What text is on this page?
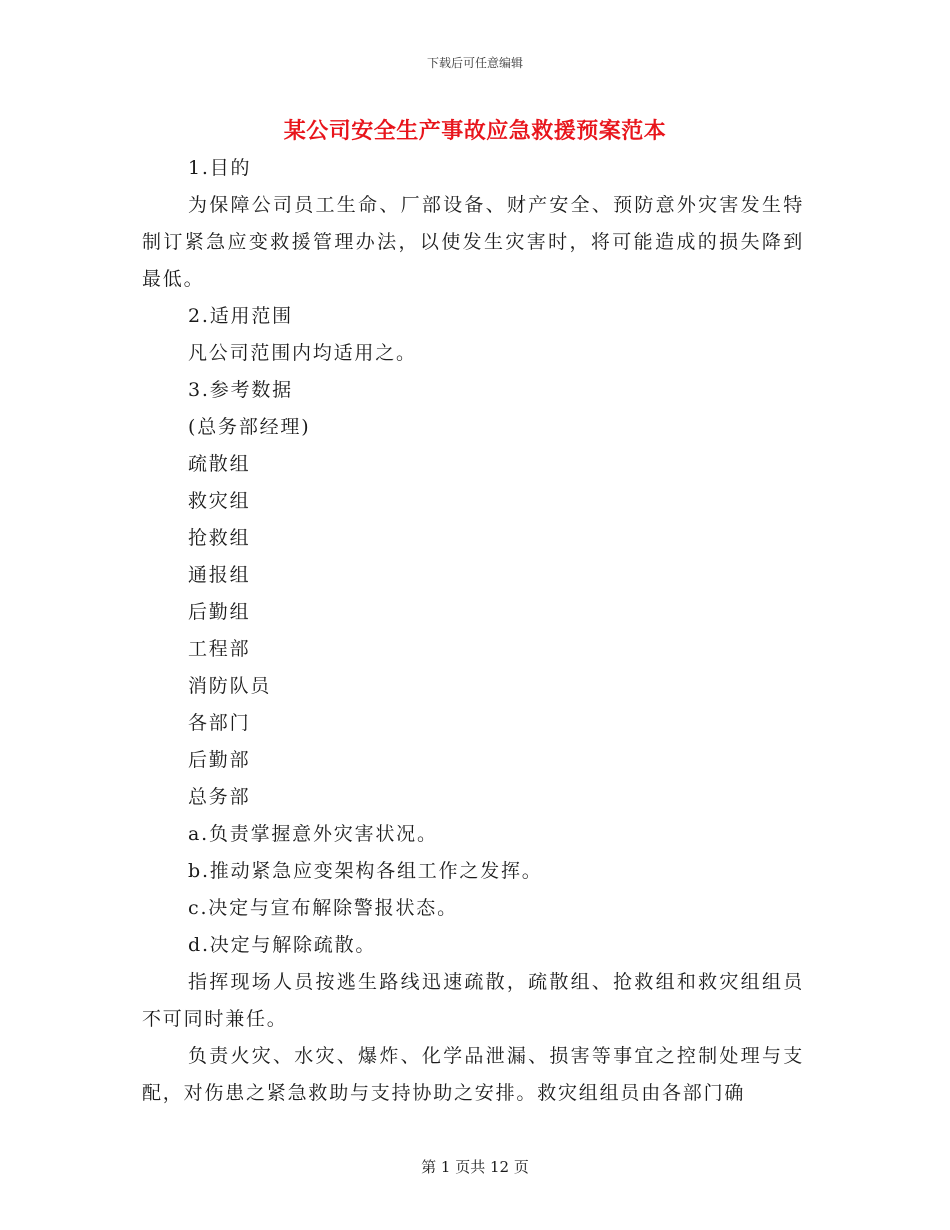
下载后可任意编辑
某公司安全生产事故应急救援预案范本

1.目的

为保障公司员工生命、厂部设备、财产安全、预防意外灾害发生特制订紧急应变救援管理办法，以使发生灾害时，将可能造成的损失降到最低。

2.适用范围

凡公司范围内均适用之。

3.参考数据

(总务部经理)

疏散组

救灾组

抢救组

通报组

后勤组

工程部

消防队员

各部门

后勤部

总务部

a.负责掌握意外灾害状况。

b.推动紧急应变架构各组工作之发挥。

c.决定与宣布解除警报状态。

d.决定与解除疏散。

指挥现场人员按逃生路线迅速疏散，疏散组、抢救组和救灾组组员不可同时兼任。

负责火灾、水灾、爆炸、化学品泄漏、损害等事宜之控制处理与支配，对伤患之紧急救助与支持协助之安排。救灾组组员由各部门确

第 1 页共 12 页
